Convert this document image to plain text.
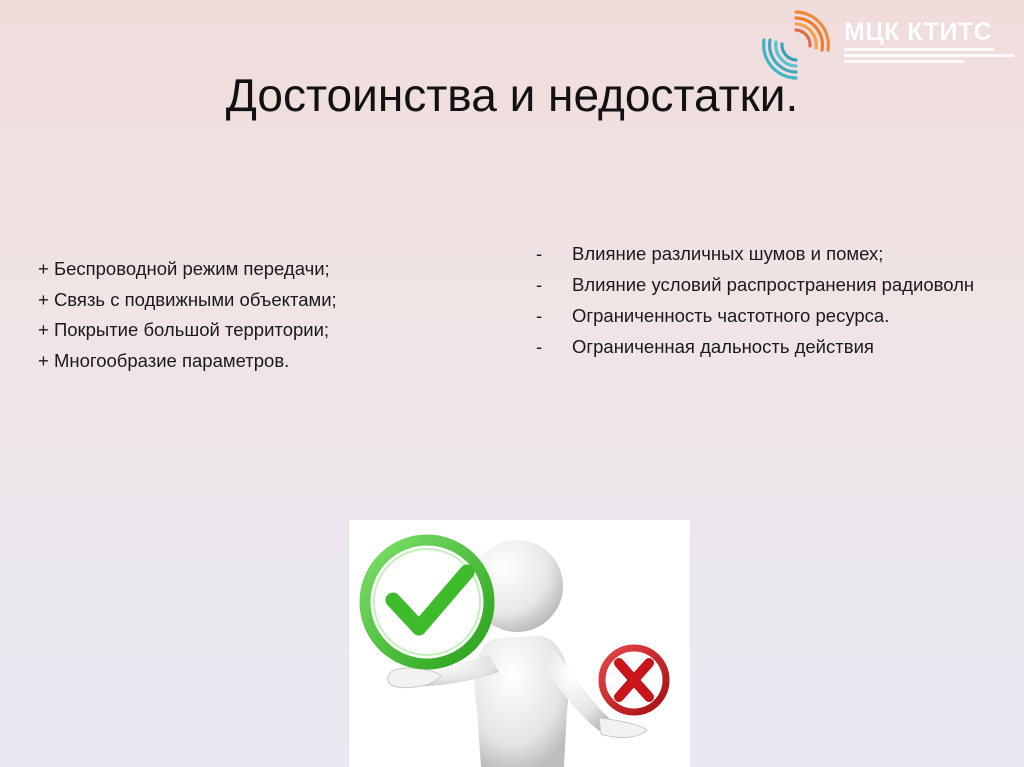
МЦК КТИТС
Достоинства и недостатки.
+ Беспроводной режим передачи;
+ Связь с подвижными объектами;
+ Покрытие большой территории;
+ Многообразие параметров.
-	Влияние различных шумов и помех;
-	Влияние условий распространения радиоволн
-	Ограниченность частотного ресурса.
-	Ограниченная дальность действия
